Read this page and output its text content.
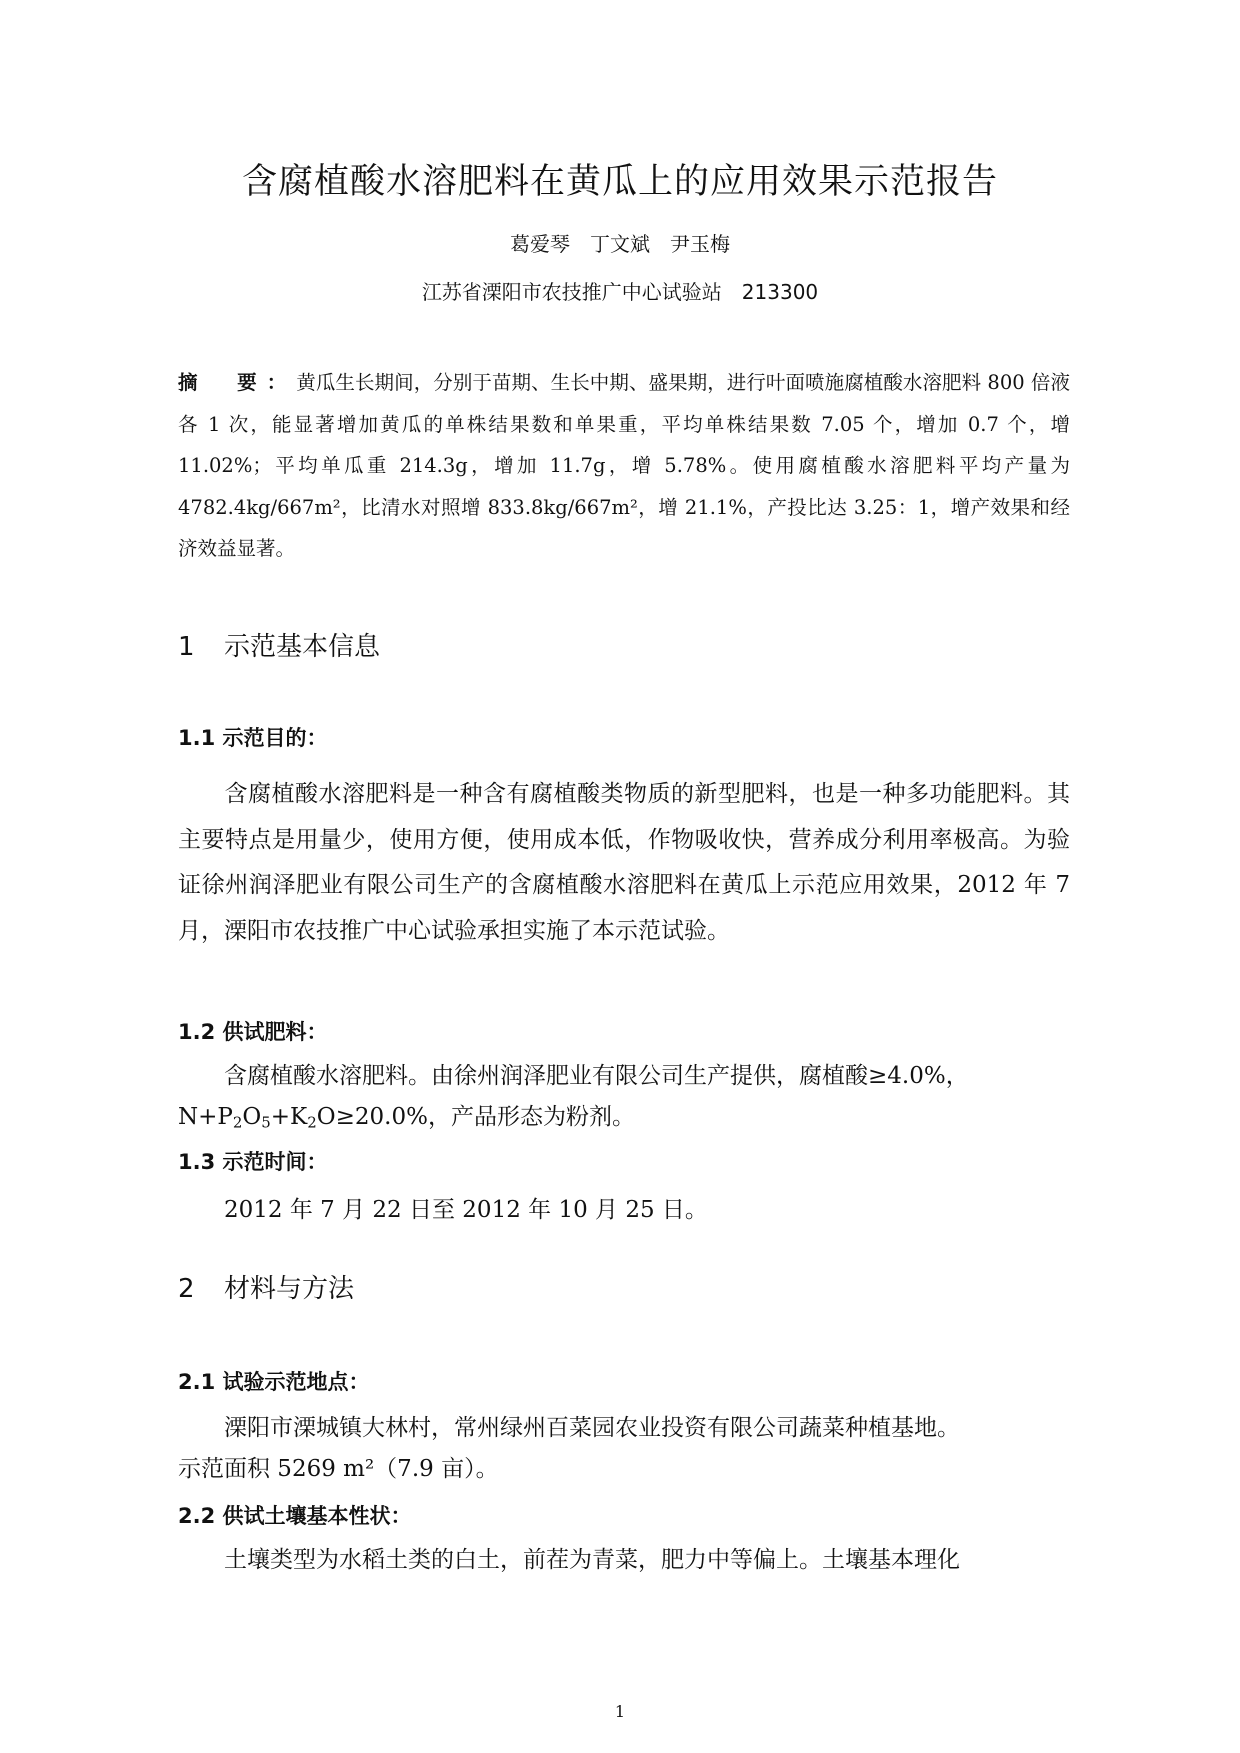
含腐植酸水溶肥料在黄瓜上的应用效果示范报告
葛爱琴　丁文斌　尹玉梅
江苏省溧阳市农技推广中心试验站　213300
摘　要：黄瓜生长期间，分别于苗期、生长中期、盛果期，进行叶面喷施腐植酸水溶肥料 800 倍液各 1 次，能显著增加黄瓜的单株结果数和单果重，平均单株结果数 7.05 个，增加 0.7 个，增 11.02%；平均单瓜重 214.3g，增加 11.7g，增 5.78%。使用腐植酸水溶肥料平均产量为 4782.4kg/667m²，比清水对照增 833.8kg/667m²，增 21.1%，产投比达 3.25：1，增产效果和经济效益显著。
1 示范基本信息
1.1 示范目的：
含腐植酸水溶肥料是一种含有腐植酸类物质的新型肥料，也是一种多功能肥料。其主要特点是用量少，使用方便，使用成本低，作物吸收快，营养成分利用率极高。为验证徐州润泽肥业有限公司生产的含腐植酸水溶肥料在黄瓜上示范应用效果，2012 年 7 月，溧阳市农技推广中心试验承担实施了本示范试验。
1.2 供试肥料：
含腐植酸水溶肥料。由徐州润泽肥业有限公司生产提供，腐植酸≥4.0%，
$N+P_2O_5+K_2O\ge 20.0\%$，产品形态为粉剂。
1.3 示范时间：
2012 年 7 月 22 日至 2012 年 10 月 25 日。
2 材料与方法
2.1 试验示范地点：
溧阳市溧城镇大林村，常州绿州百菜园农业投资有限公司蔬菜种植基地。
示范面积 5269 m²（7.9 亩）。
2.2 供试土壤基本性状：
土壤类型为水稻土类的白土，前茬为青菜，肥力中等偏上。土壤基本理化
1
